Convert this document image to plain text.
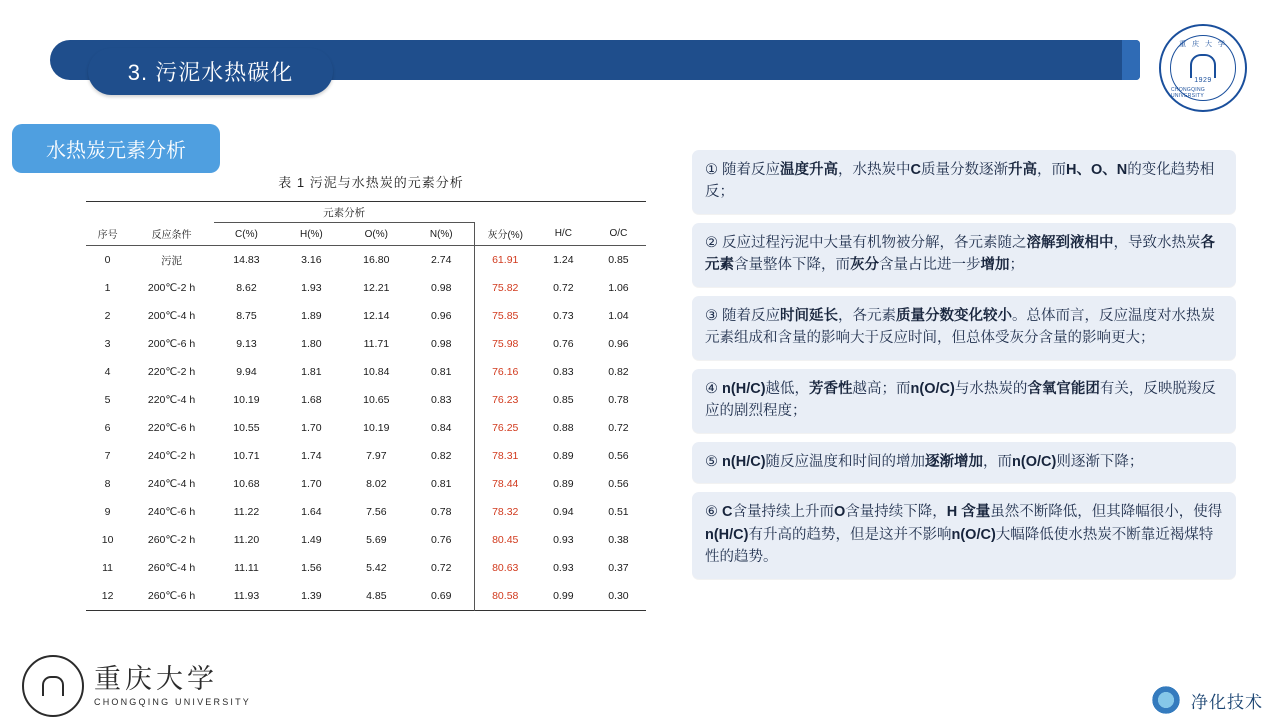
3. 污泥水热碳化
重 庆 大 学
1929
CHONGQING UNIVERSITY
水热炭元素分析
表 1 污泥与水热炭的元素分析
		元素分析						
序号	反应条件	C(%)	H(%)	O(%)	N(%)	灰分(%)	H/C	O/C
0	污泥	14.83	3.16	16.80	2.74	61.91	1.24	0.85
1	200℃-2 h	8.62	1.93	12.21	0.98	75.82	0.72	1.06
2	200℃-4 h	8.75	1.89	12.14	0.96	75.85	0.73	1.04
3	200℃-6 h	9.13	1.80	11.71	0.98	75.98	0.76	0.96
4	220℃-2 h	9.94	1.81	10.84	0.81	76.16	0.83	0.82
5	220℃-4 h	10.19	1.68	10.65	0.83	76.23	0.85	0.78
6	220℃-6 h	10.55	1.70	10.19	0.84	76.25	0.88	0.72
7	240℃-2 h	10.71	1.74	7.97	0.82	78.31	0.89	0.56
8	240℃-4 h	10.68	1.70	8.02	0.81	78.44	0.89	0.56
9	240℃-6 h	11.22	1.64	7.56	0.78	78.32	0.94	0.51
10	260℃-2 h	11.20	1.49	5.69	0.76	80.45	0.93	0.38
11	260℃-4 h	11.11	1.56	5.42	0.72	80.63	0.93	0.37
12	260℃-6 h	11.93	1.39	4.85	0.69	80.58	0.99	0.30
① 随着反应温度升高，水热炭中C质量分数逐渐升高，而H、O、N的变化趋势相反；
② 反应过程污泥中大量有机物被分解，各元素随之溶解到液相中，导致水热炭各元素含量整体下降，而灰分含量占比进一步增加；
③ 随着反应时间延长，各元素质量分数变化较小。总体而言，反应温度对水热炭元素组成和含量的影响大于反应时间，但总体受灰分含量的影响更大；
④ n(H/C)越低，芳香性越高；而n(O/C)与水热炭的含氧官能团有关，反映脱羧反应的剧烈程度；
⑤ n(H/C)随反应温度和时间的增加逐渐增加，而n(O/C)则逐渐下降；
⑥ C含量持续上升而O含量持续下降，H 含量虽然不断降低，但其降幅很小，使得n(H/C)有升高的趋势，但是这并不影响n(O/C)大幅降低使水热炭不断靠近褐煤特性的趋势。
重庆大学
CHONGQING UNIVERSITY	净化技术
